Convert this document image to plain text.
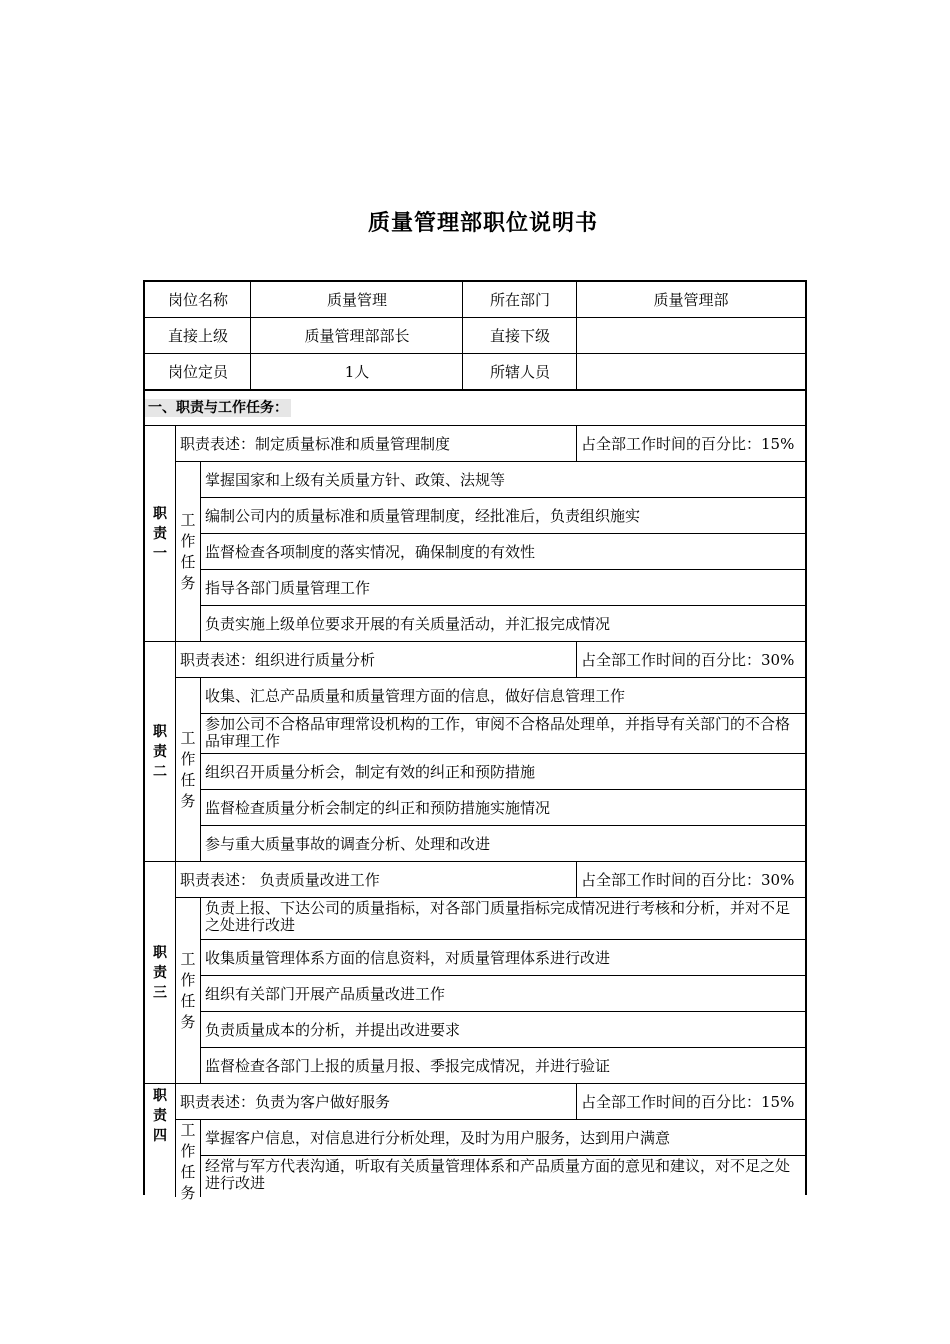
质量管理部职位说明书
岗位名称	质量管理	所在部门	质量管理部
直接上级	质量管理部部长	直接下级
岗位定员	1人	所辖人员
一、职责与工作任务：
职
责
一
职责表述：制定质量标准和质量管理制度	占全部工作时间的百分比： 15%
工
作
任
务
掌握国家和上级有关质量方针、政策、法规等
编制公司内的质量标准和质量管理制度，经批准后，负责组织施实
监督检查各项制度的落实情况，确保制度的有效性
指导各部门质量管理工作
负责实施上级单位要求开展的有关质量活动，并汇报完成情况
职
责
二
职责表述：组织进行质量分析	占全部工作时间的百分比： 30%
工
作
任
务
收集、汇总产品质量和质量管理方面的信息，做好信息管理工作
参加公司不合格品审理常设机构的工作，审阅不合格品处理单，并指导有关部门的不合格品审理工作
组织召开质量分析会，制定有效的纠正和预防措施
监督检查质量分析会制定的纠正和预防措施实施情况
参与重大质量事故的调查分析、处理和改进
职
责
三
职责表述： 负责质量改进工作	占全部工作时间的百分比： 30%
工
作
任
务
负责上报、下达公司的质量指标，对各部门质量指标完成情况进行考核和分析，并对不足之处进行改进
收集质量管理体系方面的信息资料，对质量管理体系进行改进
组织有关部门开展产品质量改进工作
负责质量成本的分析，并提出改进要求
监督检查各部门上报的质量月报、季报完成情况，并进行验证
职
责
四
职责表述：负责为客户做好服务	占全部工作时间的百分比： 15%
工
作
任
务
掌握客户信息，对信息进行分析处理，及时为用户服务，达到用户满意
经常与军方代表沟通，听取有关质量管理体系和产品质量方面的意见和建议，对不足之处进行改进
